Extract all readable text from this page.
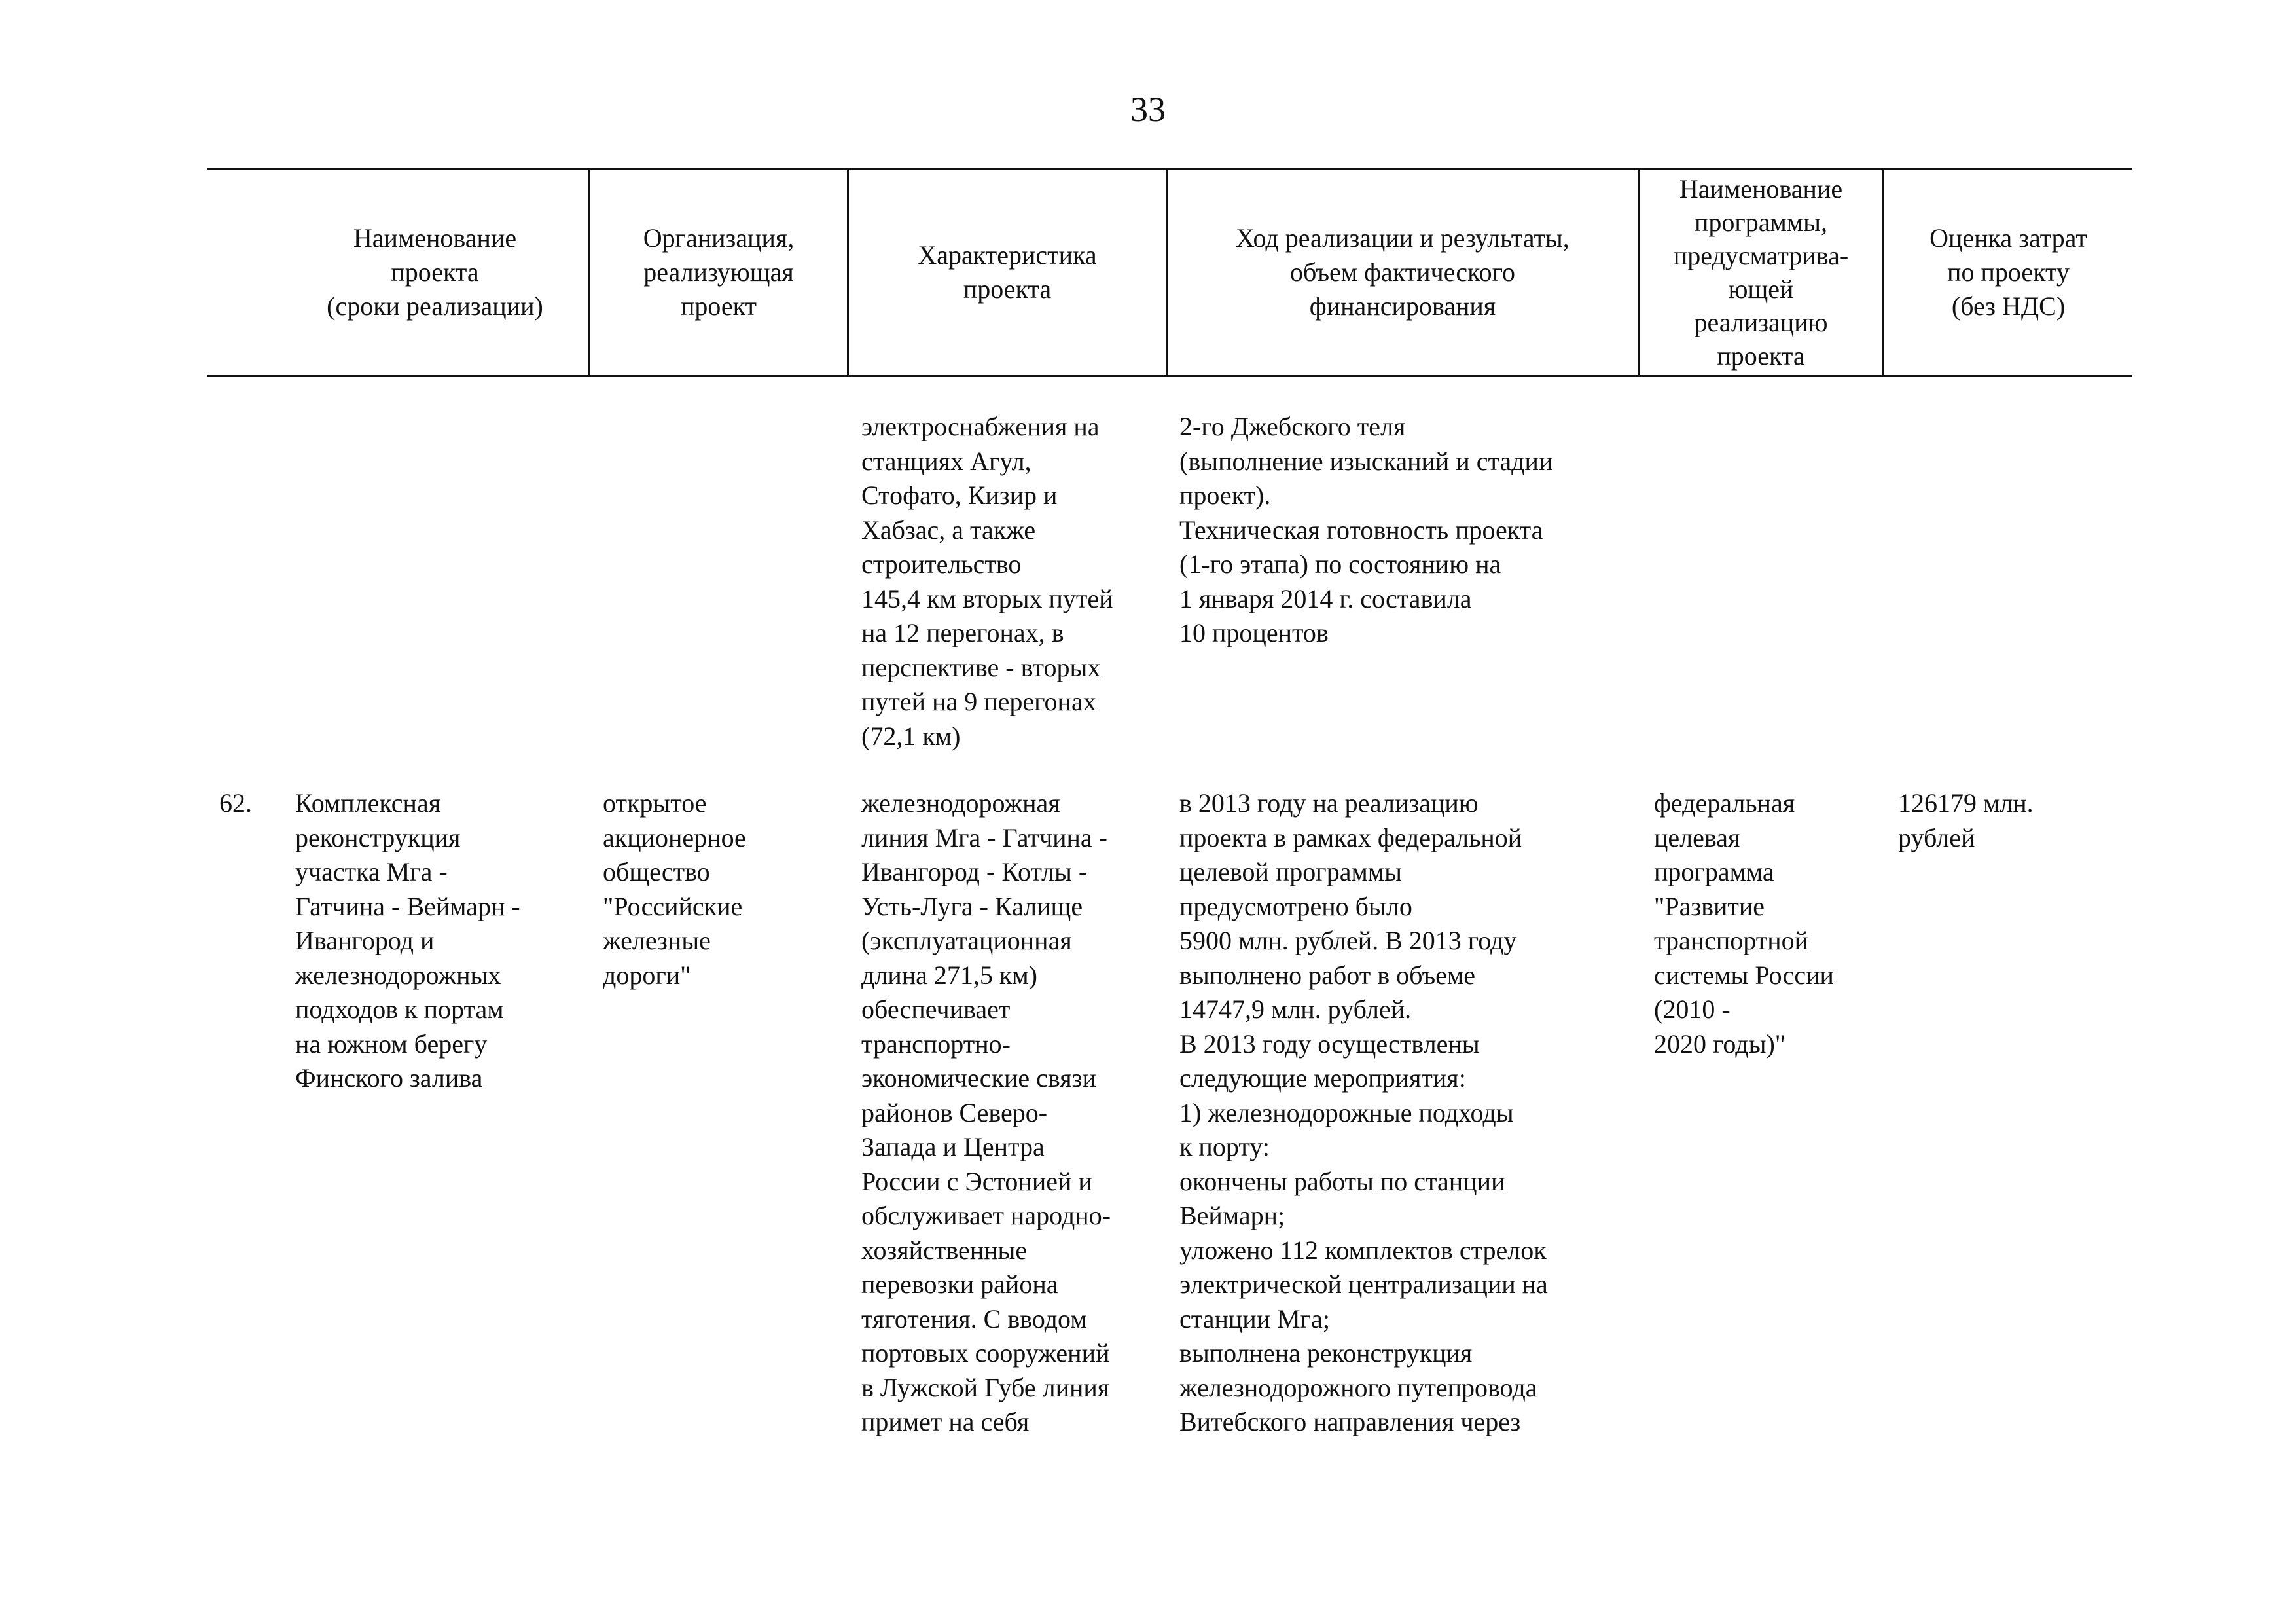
33
Наименование
проекта
(сроки реализации)
Организация,
реализующая
проект
Характеристика
проекта
Ход реализации и результаты,
объем фактического
финансирования
Наименование
программы,
предусматрива-
ющей
реализацию
проекта
Оценка затрат
по проекту
(без НДС)
электроснабжения на
станциях Агул,
Стофато, Кизир и
Хабзас, а также
строительство
145,4 км вторых путей
на 12 перегонах, в
перспективе - вторых
путей на 9 перегонах
(72,1 км)
2-го Джебского теля
(выполнение изысканий и стадии
проект).
Техническая готовность проекта
(1-го этапа) по состоянию на
1 января 2014 г. составила
10 процентов
62. Комплексная
реконструкция
участка Мга -
Гатчина - Веймарн -
Ивангород и
железнодорожных
подходов к портам
на южном берегу
Финского залива
открытое
акционерное
общество
"Российские
железные
дороги"
железнодорожная
линия Мга - Гатчина -
Ивангород - Котлы -
Усть-Луга - Калище
(эксплуатационная
длина 271,5 км)
обеспечивает
транспортно-
экономические связи
районов Северо-
Запада и Центра
России с Эстонией и
обслуживает народно-
хозяйственные
перевозки района
тяготения. С вводом
портовых сооружений
в Лужской Губе линия
примет на себя
в 2013 году на реализацию
проекта в рамках федеральной
целевой программы
предусмотрено было
5900 млн. рублей. В 2013 году
выполнено работ в объеме
14747,9 млн. рублей.
В 2013 году осуществлены
следующие мероприятия:
1) железнодорожные подходы
к порту:
окончены работы по станции
Веймарн;
уложено 112 комплектов стрелок
электрической централизации на
станции Мга;
выполнена реконструкция
железнодорожного путепровода
Витебского направления через
федеральная
целевая
программа
"Развитие
транспортной
системы России
(2010 -
2020 годы)"
126179 млн.
рублей
